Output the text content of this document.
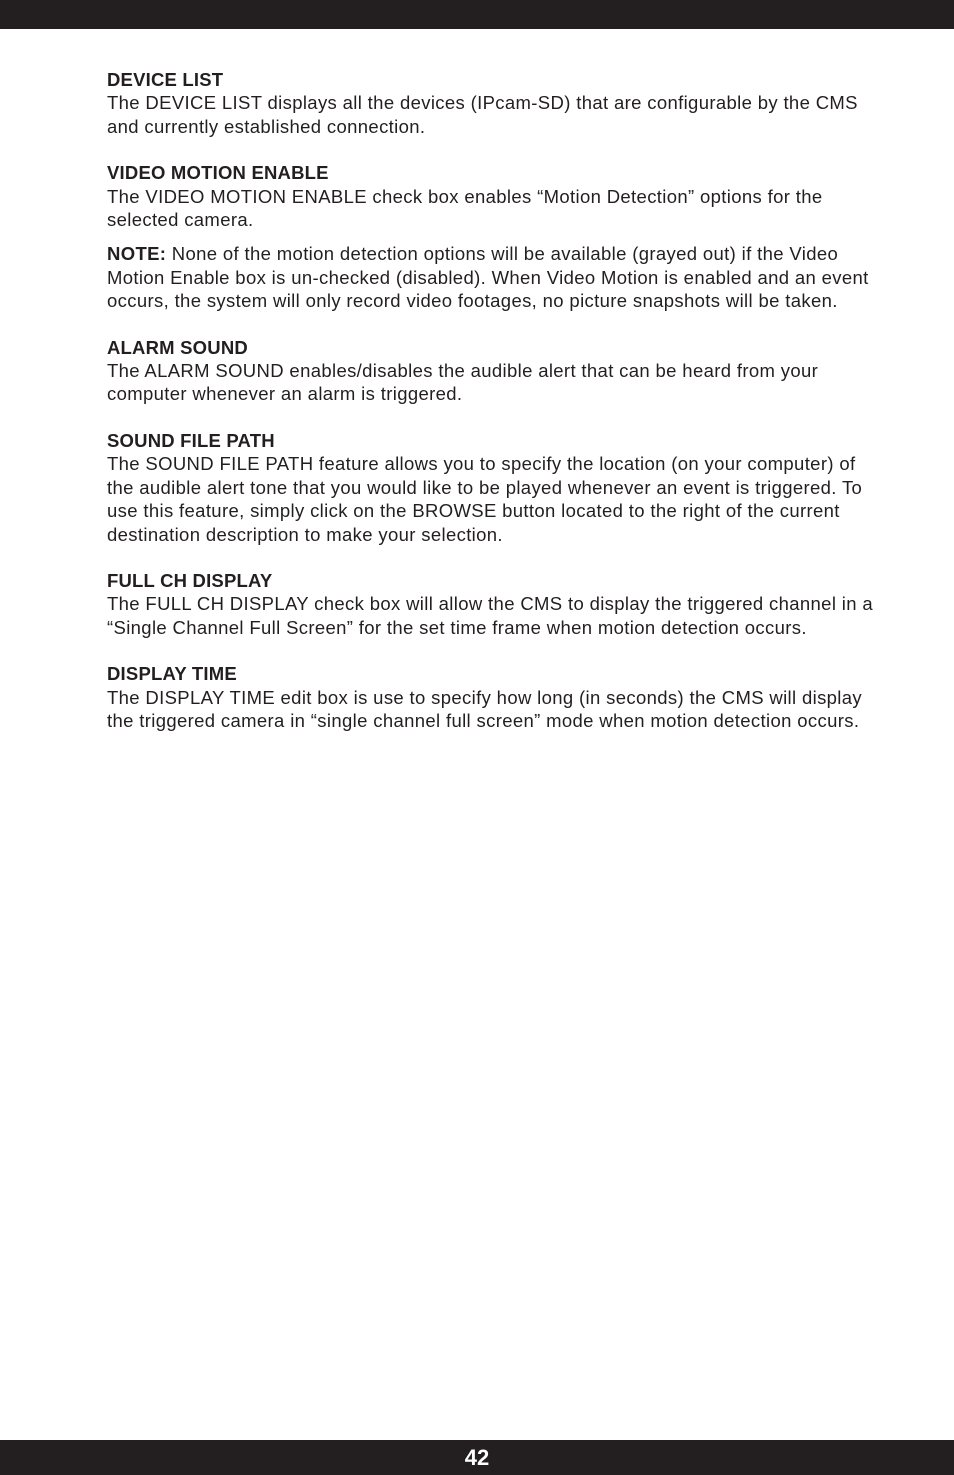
DEVICE LIST

The DEVICE LIST displays all the devices (IPcam-SD) that are configurable by the CMS and currently established connection.

VIDEO MOTION ENABLE

The VIDEO MOTION ENABLE check box enables “Motion Detection” options for the selected camera.

NOTE: None of the motion detection options will be available (grayed out) if the Video Motion Enable box is un-checked (disabled). When Video Motion is enabled and an event occurs, the system will only record video footages, no picture snapshots will be taken.

ALARM SOUND

The ALARM SOUND enables/disables the audible alert that can be heard from your computer whenever an alarm is triggered.

SOUND FILE PATH

The SOUND FILE PATH feature allows you to specify the location (on your computer) of the audible alert tone that you would like to be played whenever an event is triggered. To use this feature, simply click on the BROWSE button located to the right of the current destination description to make your selection.

FULL CH DISPLAY

The FULL CH DISPLAY check box will allow the CMS to display the triggered channel in a “Single Channel Full Screen” for the set time frame when motion detection occurs.

DISPLAY TIME

The DISPLAY TIME edit box is use to specify how long (in seconds) the CMS will display the triggered camera in “single channel full screen” mode when motion detection occurs.

42
